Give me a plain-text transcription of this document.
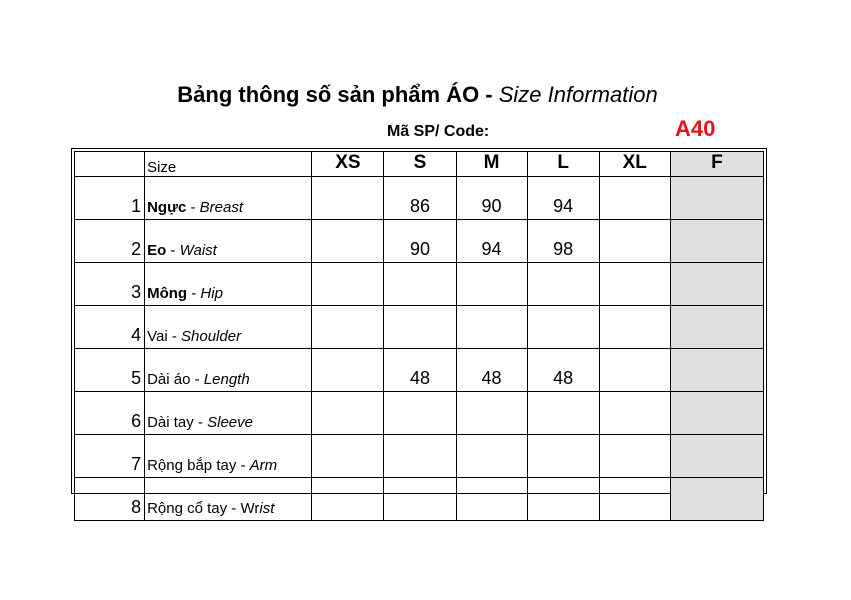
Bảng thông số sản phẩm ÁO - Size Information
Mã SP/ Code:	A40
	Size	XS	S	M	L	XL	F
1	Ngực - Breast		86	90	94		
2	Eo - Waist		90	94	98		
3	Mông - Hip						
4	Vai - Shoulder						
5	Dài áo - Length		48	48	48		
6	Dài tay - Sleeve						
7	Rộng bắp tay - Arm						
8	Rộng cổ tay - Wrist						
